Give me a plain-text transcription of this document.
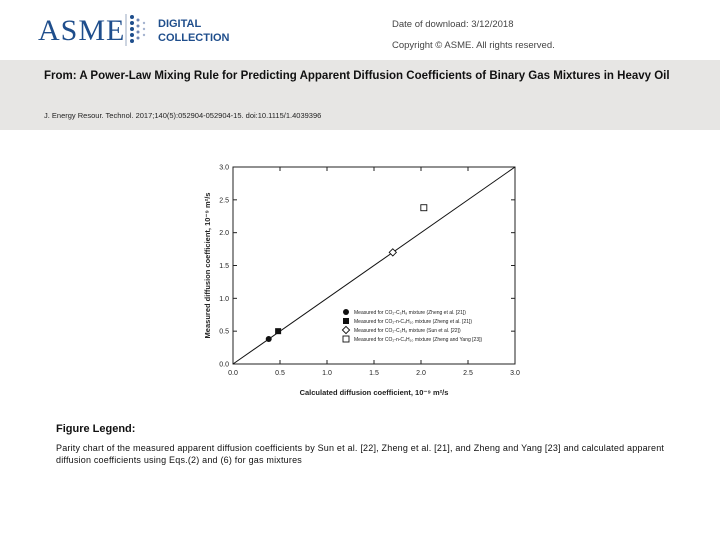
ASME	DIGITAL
COLLECTION
Date of download: 3/12/2018
Copyright © ASME. All rights reserved.
From: A Power-Law Mixing Rule for Predicting Apparent Diffusion Coefficients of Binary Gas Mixtures in Heavy Oil
J. Energy Resour. Technol. 2017;140(5):052904-052904-15. doi:10.1115/1.4039396
0.0	0.5	1.0	1.5	2.0	2.5	3.0
0.0
0.5
1.0
1.5
2.0
2.5
3.0
Calculated diffusion coefficient, 10⁻⁹ m²/s
Measured diffusion coefficient, 10⁻⁹ m²/s	Measured for CO₂-C₃H₈ mixture (Zheng et al. [21])
Measured for CO₂-n-C₄H₁₀ mixture (Zheng et al. [21])
Measured for CO₂-C₃H₈ mixture (Sun et al. [22])
Measured for CO₂-n-C₄H₁₀ mixture (Zheng and Yang [23])
Figure Legend:
Parity chart of the measured apparent diffusion coefficients by Sun et al. [22], Zheng et al. [21], and Zheng and Yang [23] and calculated apparent diffusion coefficients using Eqs.(2) and (6) for gas mixtures
